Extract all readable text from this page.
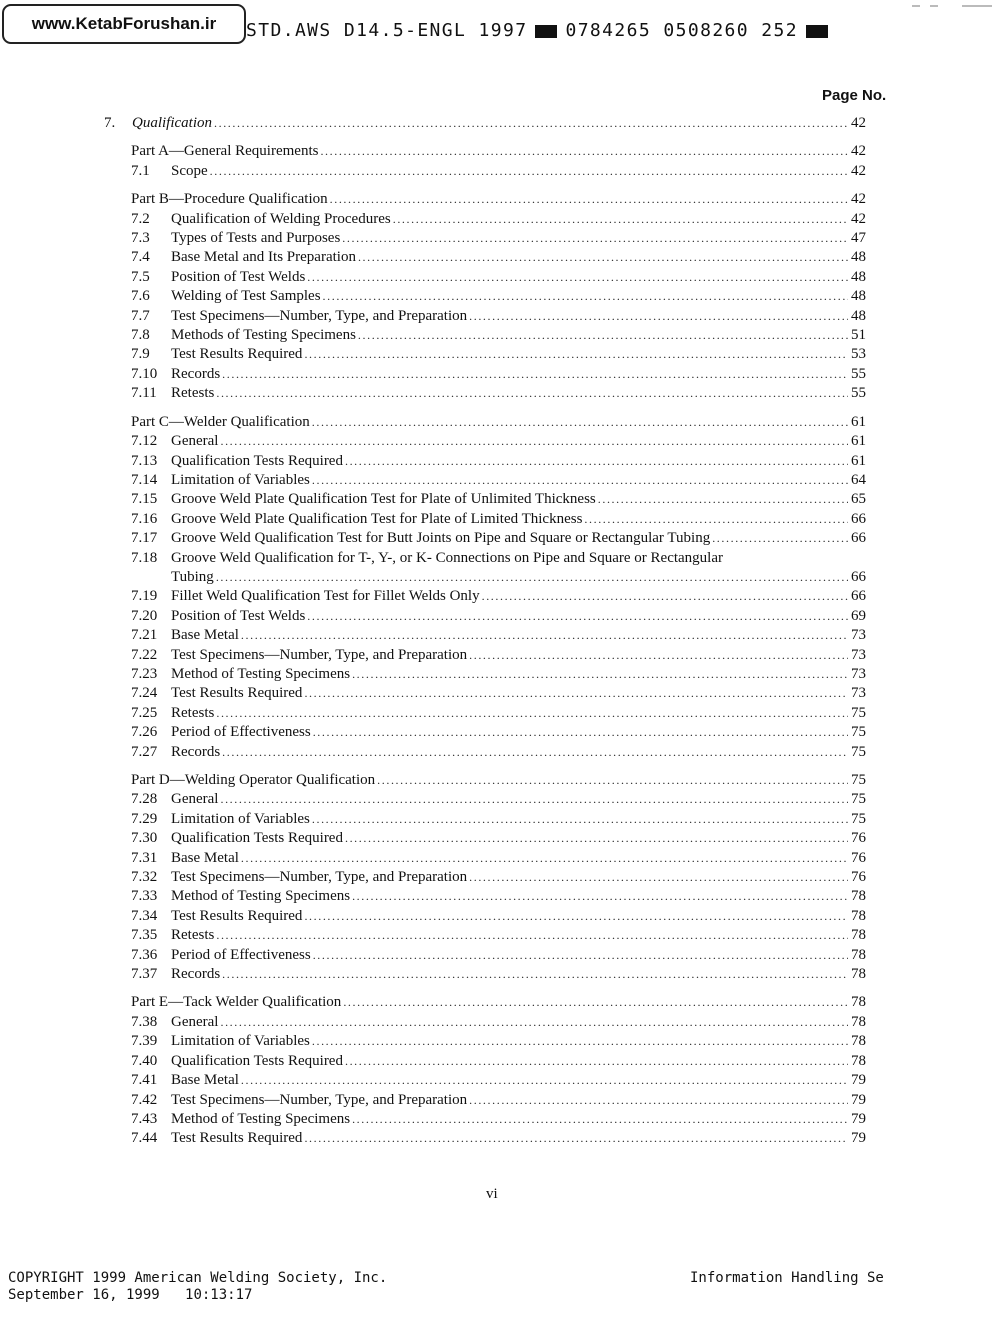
www.KetabForushan.ir	STD.AWS D14.5-ENGL 1997 0784265 0508260 252
Page No.
7.	Qualification .....	42
Part A—General Requirements .....	42
7.1	Scope .....	42
Part B—Procedure Qualification .....	42
7.2	Qualification of Welding Procedures .....	42
7.3	Types of Tests and Purposes .....	47
7.4	Base Metal and Its Preparation .....	48
7.5	Position of Test Welds .....	48
7.6	Welding of Test Samples .....	48
7.7	Test Specimens—Number, Type, and Preparation .....	48
7.8	Methods of Testing Specimens .....	51
7.9	Test Results Required .....	53
7.10 Records .....	55
7.11 Retests .....	55
Part C—Welder Qualification .....	61
7.12 General .....	61
7.13 Qualification Tests Required .....	61
7.14 Limitation of Variables .....	64
7.15 Groove Weld Plate Qualification Test for Plate of Unlimited Thickness .....	65
7.16 Groove Weld Plate Qualification Test for Plate of Limited Thickness .....	66
7.17 Groove Weld Qualification Test for Butt Joints on Pipe and Square or Rectangular Tubing .....	66
7.18 Groove Weld Qualification for T-, Y-, or K- Connections on Pipe and Square or Rectangular
Tubing .....	66
7.19 Fillet Weld Qualification Test for Fillet Welds Only .....	66
7.20 Position of Test Welds .....	69
7.21 Base Metal .....	73
7.22 Test Specimens—Number, Type, and Preparation .....	73
7.23 Method of Testing Specimens .....	73
7.24 Test Results Required .....	73
7.25 Retests .....	75
7.26 Period of Effectiveness .....	75
7.27 Records .....	75
Part D—Welding Operator Qualification .....	75
7.28 General .....	75
7.29 Limitation of Variables .....	75
7.30 Qualification Tests Required .....	76
7.31 Base Metal .....	76
7.32 Test Specimens—Number, Type, and Preparation .....	76
7.33 Method of Testing Specimens .....	78
7.34 Test Results Required .....	78
7.35 Retests .....	78
7.36 Period of Effectiveness .....	78
7.37 Records .....	78
Part E—Tack Welder Qualification .....	78
7.38 General .....	78
7.39 Limitation of Variables .....	78
7.40 Qualification Tests Required .....	78
7.41 Base Metal .....	79
7.42 Test Specimens—Number, Type, and Preparation .....	79
7.43 Method of Testing Specimens .....	79
7.44 Test Results Required .....	79
vi
COPYRIGHT 1999 American Welding Society, Inc.
September 16, 1999 10:13:17
Information Handling Se
